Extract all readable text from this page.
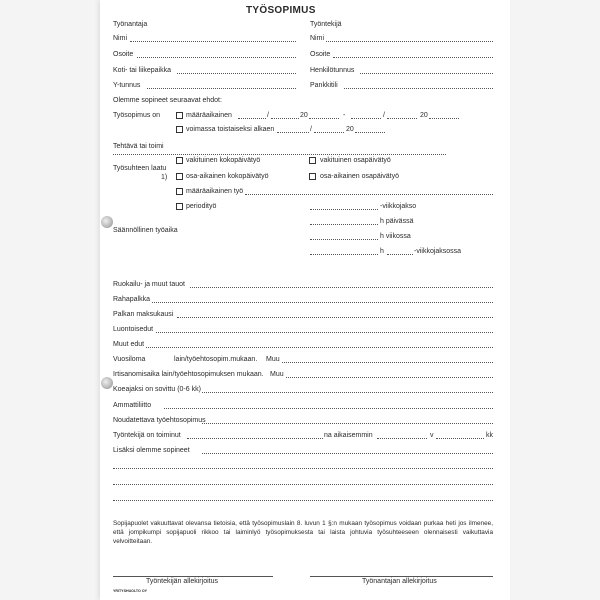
TYÖSOPIMUS
Työnantaja	Työntekijä
Nimi	Nimi
Osoite	Osoite
Koti- tai liikepaikka	Henkilötunnus
Y-tunnus	Pankkitili
Olemme sopineet seuraavat ehdot:
Työsopimus on	määräaikainen	/	20	-	/	20
voimassa toistaiseksi alkaen	/	20
Tehtävä tai toimi
Työsuhteen laatu
1)
vakituinen kokopäivätyö	vakituinen osapäivätyö
osa-aikainen kokopäivätyö	osa-aikainen osapäivätyö
määräaikainen työ
periodityö	-viikkojakso
Säännöllinen työaika
h päivässä
h viikossa
h	-viikkojaksossa
Ruokailu- ja muut tauot
Rahapalkka
Palkan maksukausi
Luontoisedut
Muut edut
Vuosiloma	lain/työehtosopim.mukaan. Muu
Irtisanomisaika lain/työehtosopimuksen mukaan. Muu
Koeajaksi on sovittu (0-6 kk)
Ammattiliitto
Noudatettava työehtosopimus
Työntekijä on toiminut	na aikaisemmin	v	kk
Lisäksi olemme sopineet
Sopijapuolet vakuuttavat olevansa tietoisia, että työsopimuslain 8. luvun 1 §:n mukaan työsopimus voidaan purkaa heti jos ilmenee, että jompikumpi sopijapuoli rikkoo tai laiminlyö työsopimuksesta tai laista johtuvia työsuhteeseen olennaisesti vaikuttavia velvoitteitaan.
Työntekijän allekirjoitus	Työnantajan allekirjoitus
YRITYSHUOLTO OY
